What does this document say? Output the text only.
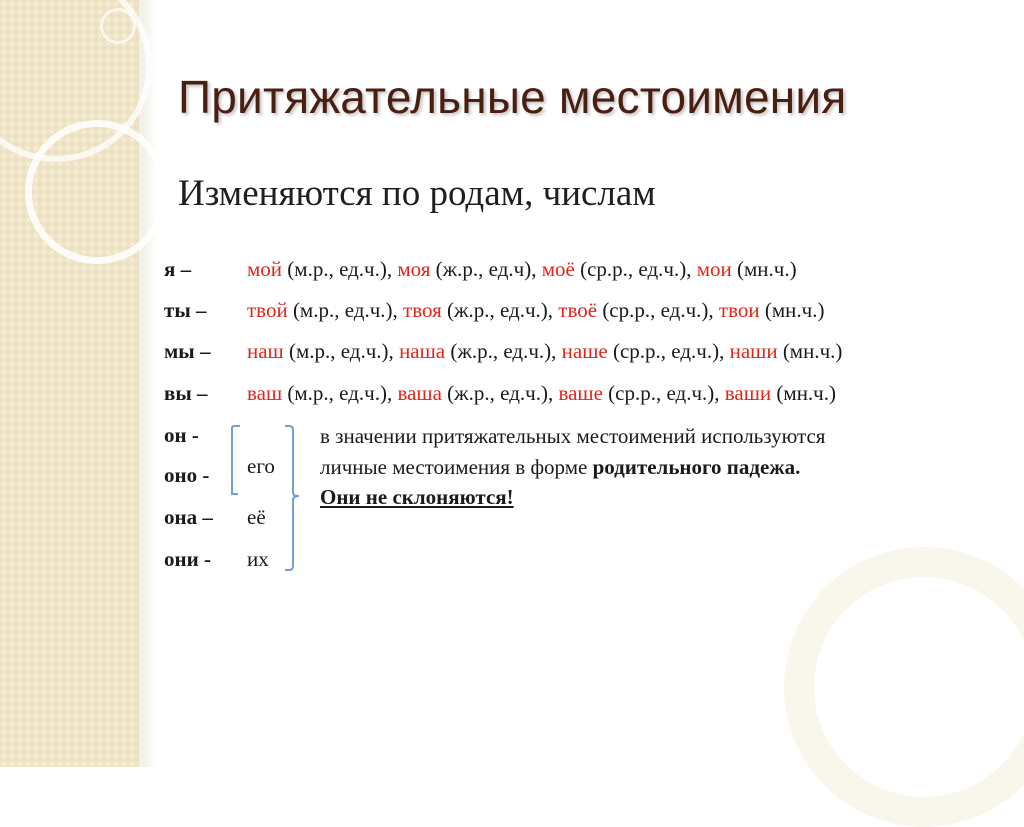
Притяжательные местоимения
Изменяются по родам, числам
я –	мой (м.р., ед.ч.), моя (ж.р., ед.ч), моё (ср.р., ед.ч.), мои (мн.ч.)
ты – твой (м.р., ед.ч.), твоя (ж.р., ед.ч.), твоё (ср.р., ед.ч.), твои (мн.ч.)
мы – наш (м.р., ед.ч.), наша (ж.р., ед.ч.), наше (ср.р., ед.ч.), наши (мн.ч.)
вы – ваш (м.р., ед.ч.), ваша (ж.р., ед.ч.), ваше (ср.р., ед.ч.), ваши (мн.ч.)
он -
оно -
она –
они -
его
её
их
в значении притяжательных местоимений используются
личные местоимения в форме родительного падежа.
Они не склоняются!
